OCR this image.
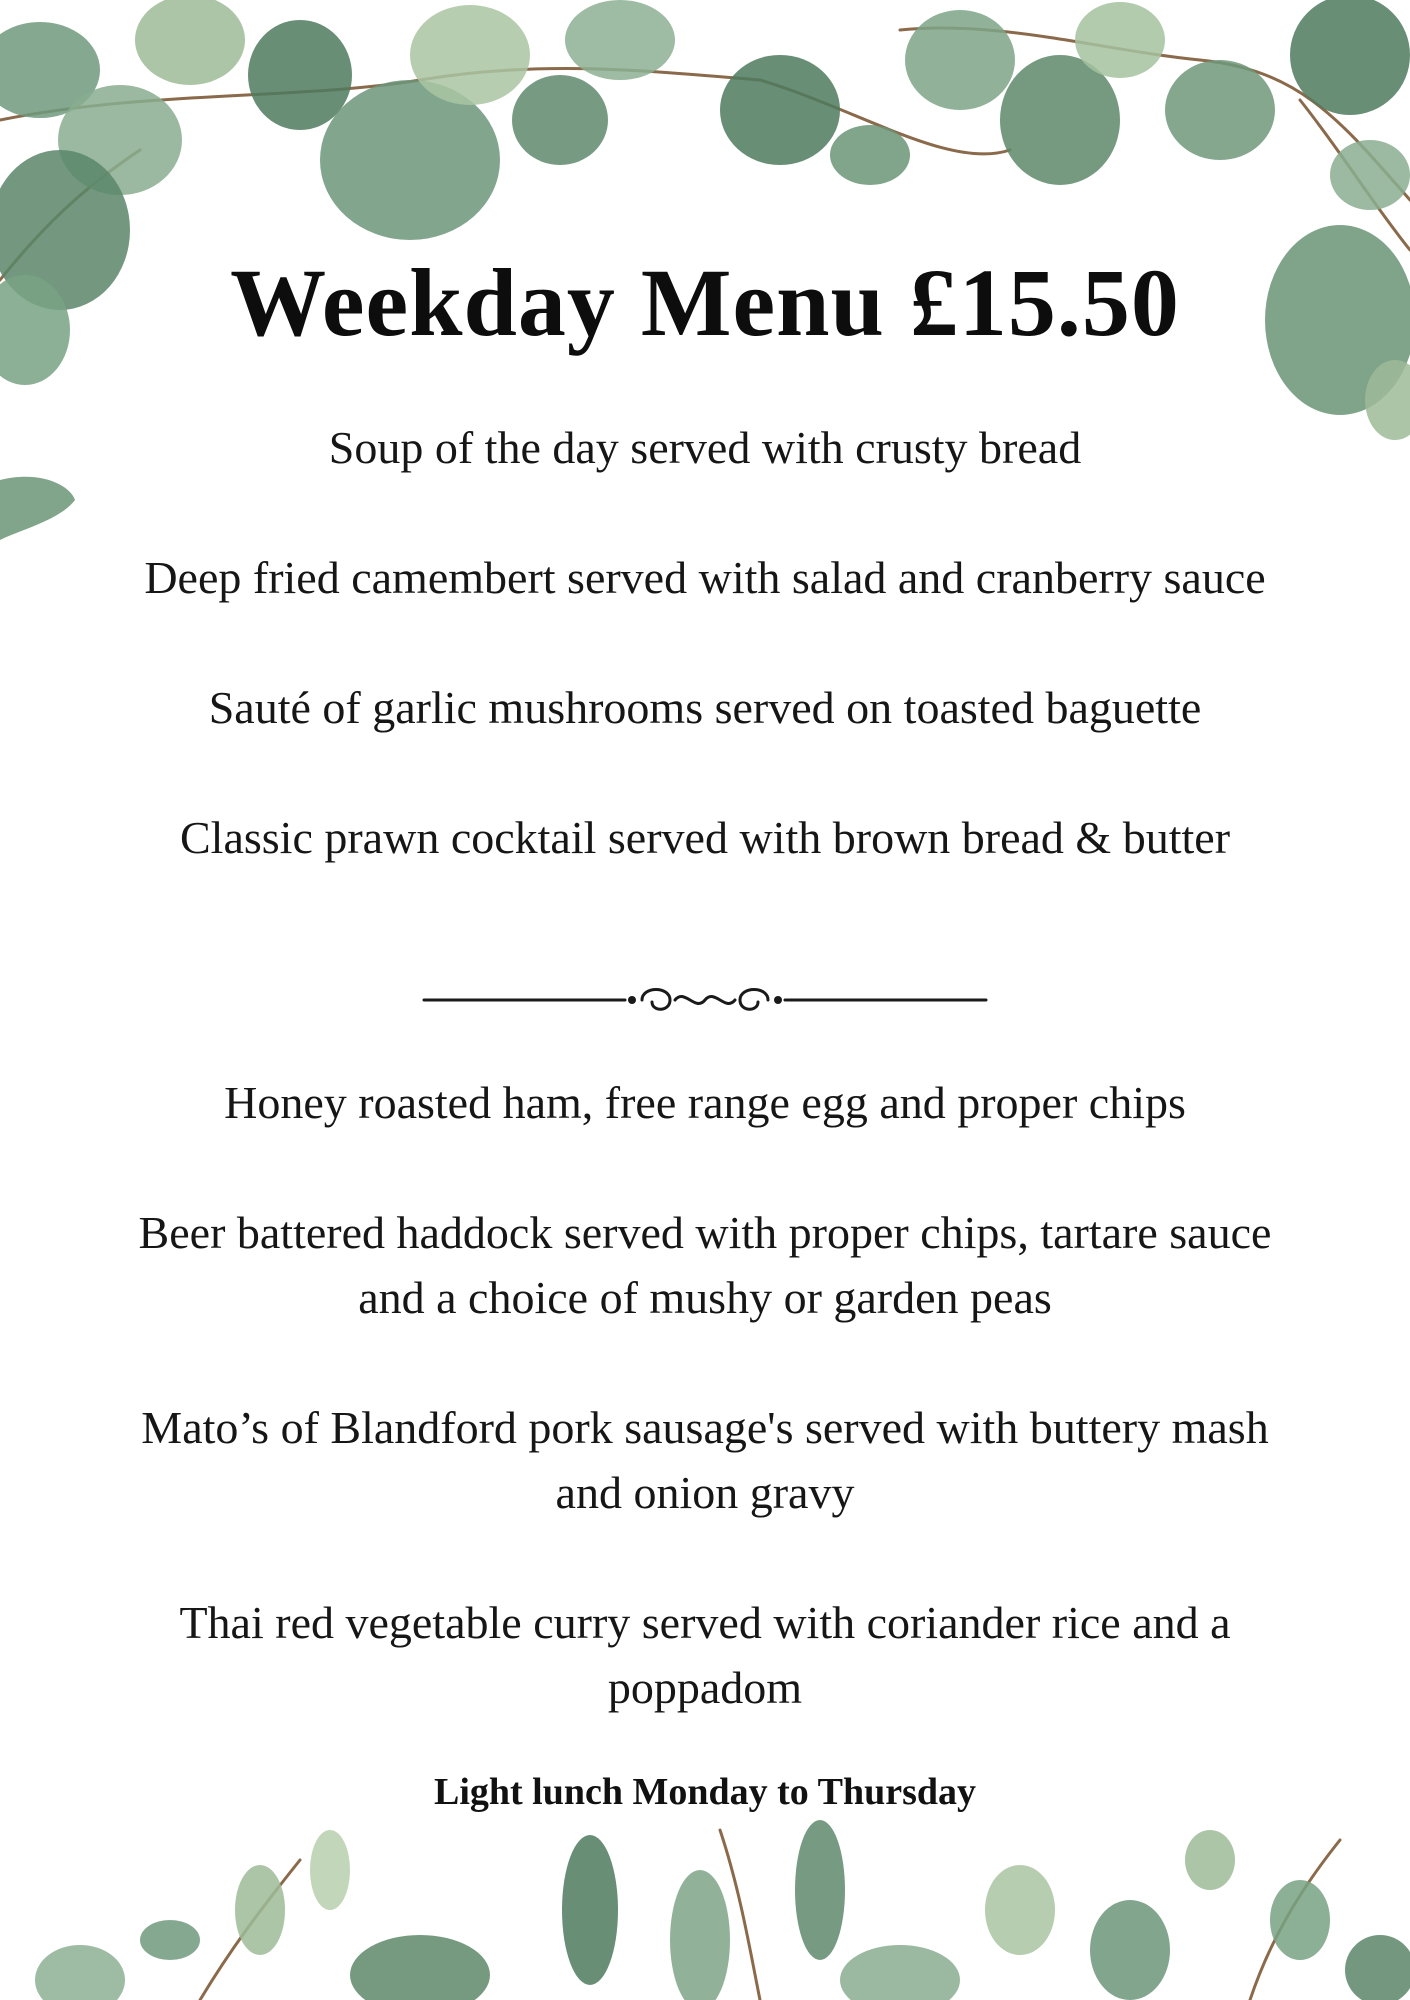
Weekday Menu £15.50
Soup of the day served with crusty bread
Deep fried camembert served with salad and cranberry sauce
Sauté of garlic mushrooms served on toasted baguette
Classic prawn cocktail served with brown bread & butter
Honey roasted ham, free range egg and proper chips
Beer battered haddock served with proper chips, tartare sauce and a choice of mushy or garden peas
Mato’s of Blandford pork sausage's served with buttery mash and onion gravy
Thai red vegetable curry served with coriander rice and a poppadom

Light lunch Monday to Thursday
